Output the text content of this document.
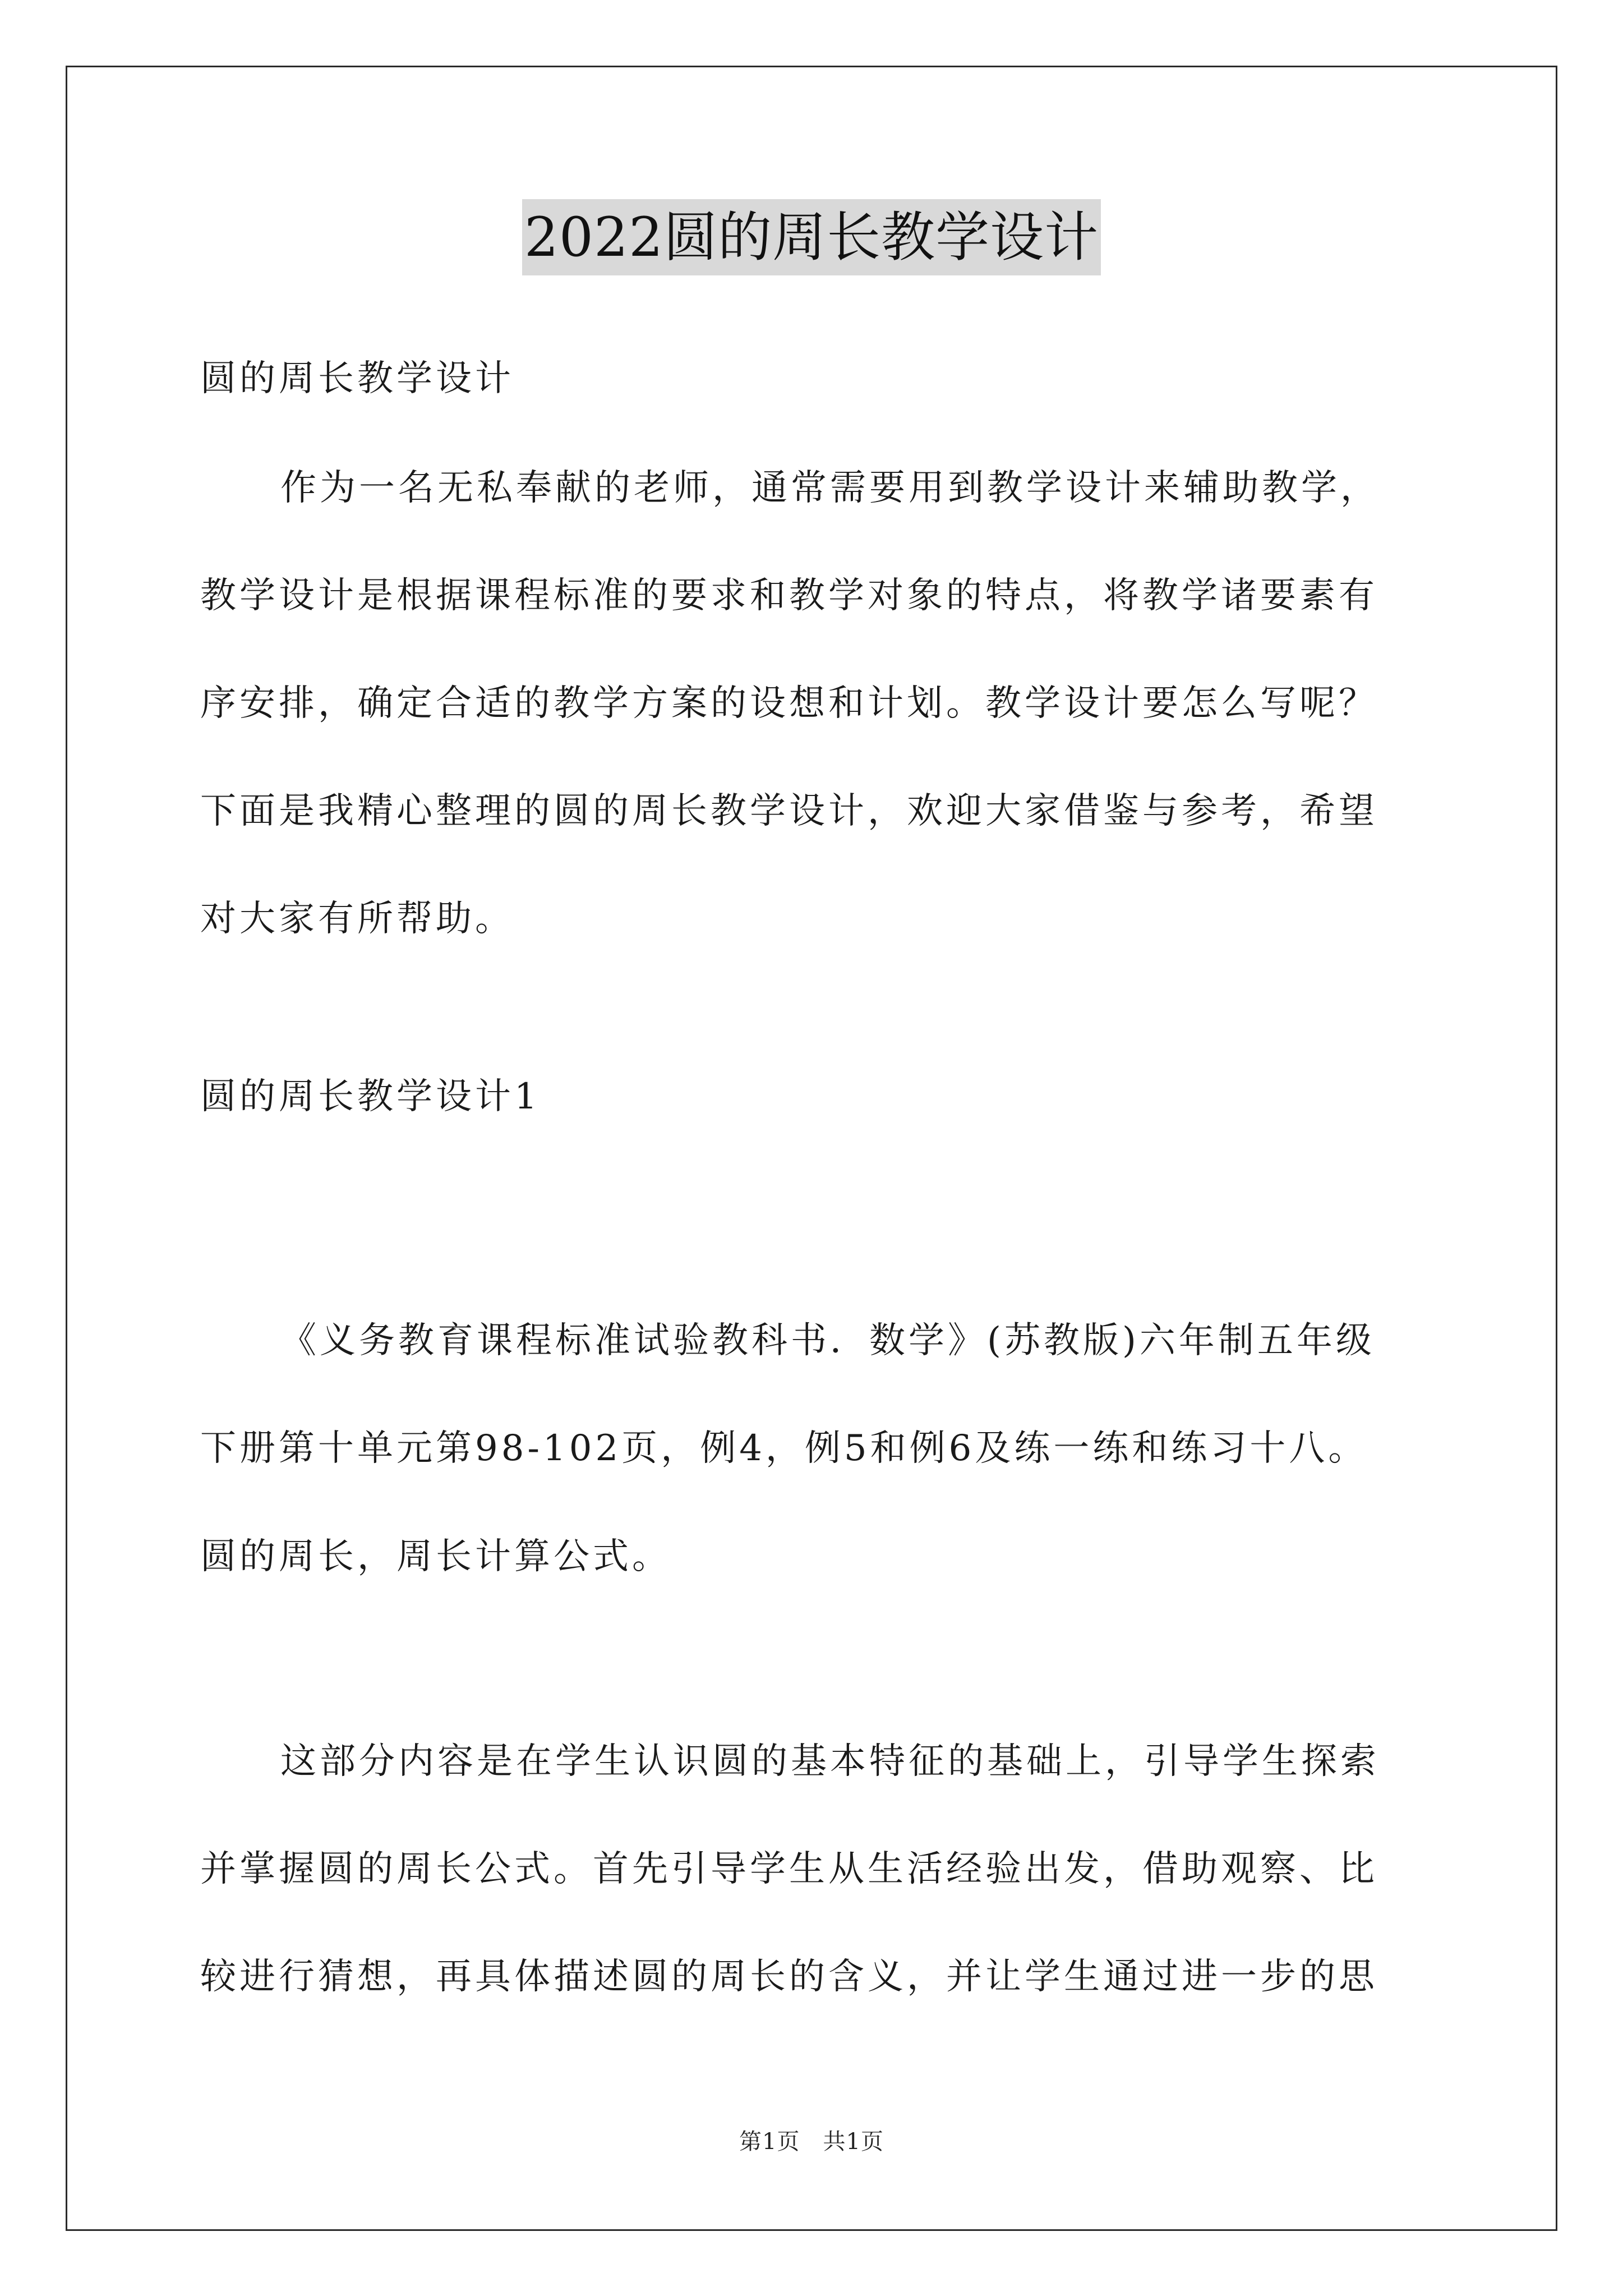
2022圆的周长教学设计
圆的周长教学设计
作为一名无私奉献的老师，通常需要用到教学设计来辅助教学，
教学设计是根据课程标准的要求和教学对象的特点，将教学诸要素有
序安排，确定合适的教学方案的设想和计划。教学设计要怎么写呢？
下面是我精心整理的圆的周长教学设计，欢迎大家借鉴与参考，希望
对大家有所帮助。
圆的周长教学设计1
《义务教育课程标准试验教科书．数学》(苏教版)六年制五年级
下册第十单元第98-102页，例4，例5和例6及练一练和练习十八。
圆的周长，周长计算公式。
这部分内容是在学生认识圆的基本特征的基础上，引导学生探索
并掌握圆的周长公式。首先引导学生从生活经验出发，借助观察、比
较进行猜想，再具体描述圆的周长的含义，并让学生通过进一步的思
第1页　共1页
